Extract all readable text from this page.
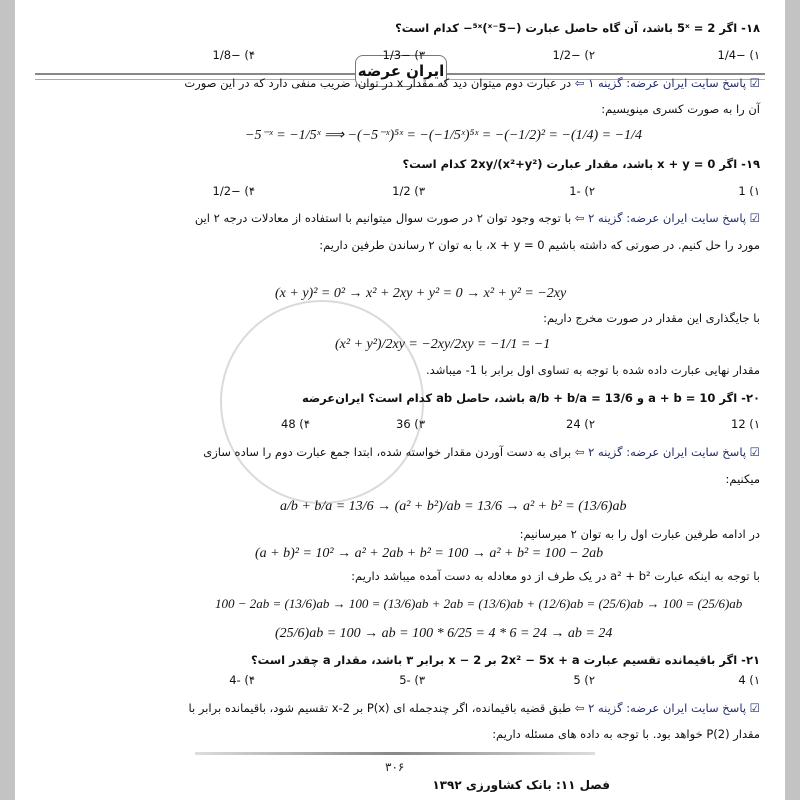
ایران عرضه
۱۸- اگر 2 = 5ˣ باشد، آن گاه حاصل عبارت (−5⁻ˣ)⁵ˣ− کدام است؟
۱) −1/4
۲) −1/2
۳) −1/3
۴) −1/8
☑ پاسخ سایت ایران عرضه: گزینه ۱ ⇦ در عبارت دوم میتوان دید که مقدار x در توان، ضریب منفی دارد که در این صورت
آن را به صورت کسری مینویسیم:
−5⁻ˣ = −1/5ˣ ⟹ −(−5⁻ˣ)⁵ˣ = −(−1/5ˣ)⁵ˣ = −(−1/2)² = −(1/4) = −1/4
۱۹- اگر x + y = 0 باشد، مقدار عبارت (x²+y²)/2xy کدام است؟
۱) 1
۲) -1
۳) 1/2
۴) −1/2
☑ پاسخ سایت ایران عرضه: گزینه ۲ ⇦ با توجه وجود توان ۲ در صورت سوال میتوانیم با استفاده از معادلات درجه ۲ این
مورد را حل کنیم. در صورتی که داشته باشیم x + y = 0، با به توان ۲ رساندن طرفین داریم:
(x + y)² = 0² → x² + 2xy + y² = 0 → x² + y² = −2xy
با جایگذاری این مقدار در صورت مخرج داریم:
(x² + y²)/2xy = −2xy/2xy = −1/1 = −1
مقدار نهایی عبارت داده شده با توجه به تساوی اول برابر با 1- میباشد.
۲۰- اگر a + b = 10 و a/b + b/a = 13/6 باشد، حاصل ab کدام است؟ ایران‌عرضه
۱) 12
۲) 24
۳) 36
۴) 48
☑ پاسخ سایت ایران عرضه: گزینه ۲ ⇦ برای به دست آوردن مقدار خواسته شده، ابتدا جمع عبارت دوم را ساده سازی
میکنیم:
a/b + b/a = 13/6 → (a² + b²)/ab = 13/6 → a² + b² = (13/6)ab
در ادامه طرفین عبارت اول را به توان ۲ میرسانیم:
(a + b)² = 10² → a² + 2ab + b² = 100 → a² + b² = 100 − 2ab
با توجه به اینکه عبارت a² + b² در یک طرف از دو معادله به دست آمده میباشد داریم:
100 − 2ab = (13/6)ab → 100 = (13/6)ab + 2ab = (13/6)ab + (12/6)ab = (25/6)ab → 100 = (25/6)ab
(25/6)ab = 100 → ab = 100 * 6/25 = 4 * 6 = 24 → ab = 24
۲۱- اگر باقیمانده تقسیم عبارت 2x² − 5x + a بر x − 2 برابر ۳ باشد، مقدار a چقدر است؟
۱) 4
۲) 5
۳) -5
۴) -4
☑ پاسخ سایت ایران عرضه: گزینه ۲ ⇦ طبق قضیه باقیمانده، اگر چندجمله ای P(x) بر x-2 تقسیم شود، باقیمانده برابر با
مقدار P(2) خواهد بود. با توجه به داده های مسئله داریم:
۳۰۶
فصل ۱۱: بانک کشاورزی ۱۳۹۲
